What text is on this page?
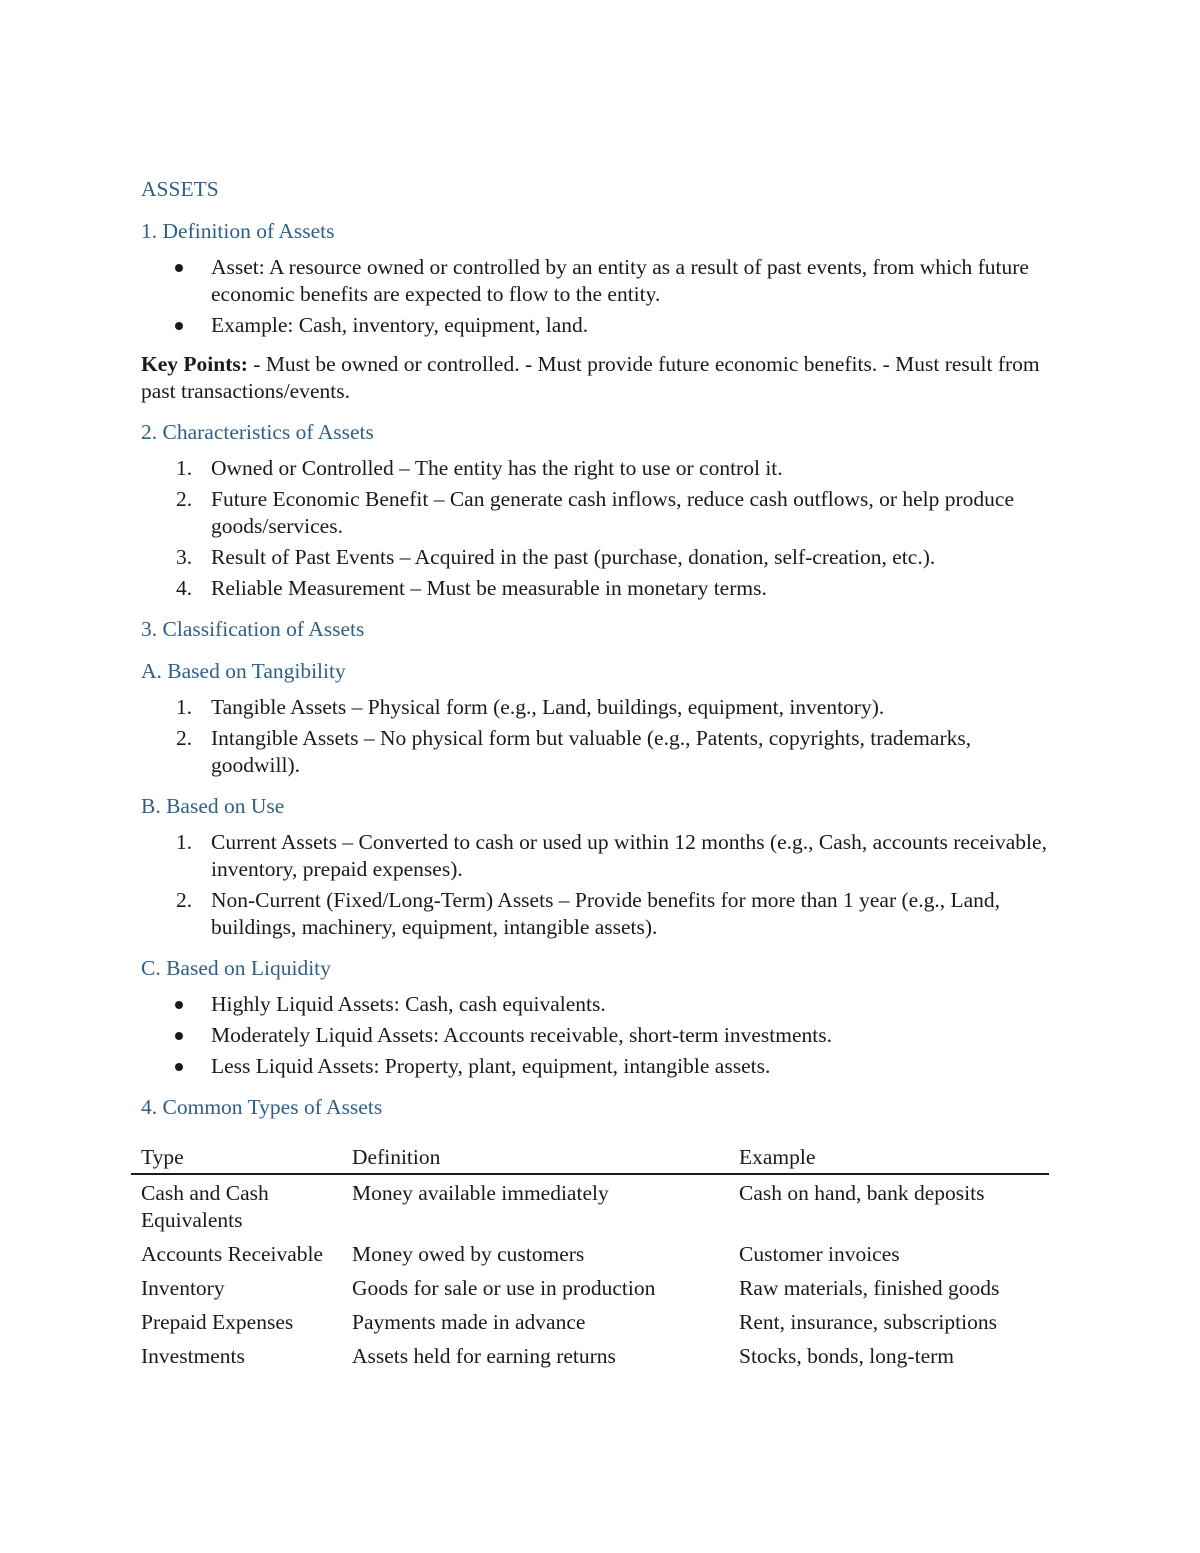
ASSETS
1. Definition of Assets
Asset: A resource owned or controlled by an entity as a result of past events, from which future economic benefits are expected to flow to the entity.
Example: Cash, inventory, equipment, land.

Key Points: - Must be owned or controlled. - Must provide future economic benefits. - Must result from past transactions/events.

2. Characteristics of Assets
1. Owned or Controlled – The entity has the right to use or control it.
2. Future Economic Benefit – Can generate cash inflows, reduce cash outflows, or help produce goods/services.
3. Result of Past Events – Acquired in the past (purchase, donation, self-creation, etc.).
4. Reliable Measurement – Must be measurable in monetary terms.
3. Classification of Assets
A. Based on Tangibility
1. Tangible Assets – Physical form (e.g., Land, buildings, equipment, inventory).
2. Intangible Assets – No physical form but valuable (e.g., Patents, copyrights, trademarks, goodwill).
B. Based on Use
1. Current Assets – Converted to cash or used up within 12 months (e.g., Cash, accounts receivable, inventory, prepaid expenses).
2. Non-Current (Fixed/Long-Term) Assets – Provide benefits for more than 1 year (e.g., Land, buildings, machinery, equipment, intangible assets).
C. Based on Liquidity
Highly Liquid Assets: Cash, cash equivalents.
Moderately Liquid Assets: Accounts receivable, short-term investments.
Less Liquid Assets: Property, plant, equipment, intangible assets.
4. Common Types of Assets
Type	Definition	Example
Cash and Cash Equivalents	Money available immediately	Cash on hand, bank deposits
Accounts Receivable	Money owed by customers	Customer invoices
Inventory	Goods for sale or use in production	Raw materials, finished goods
Prepaid Expenses	Payments made in advance	Rent, insurance, subscriptions
Investments	Assets held for earning returns	Stocks, bonds, long-term
